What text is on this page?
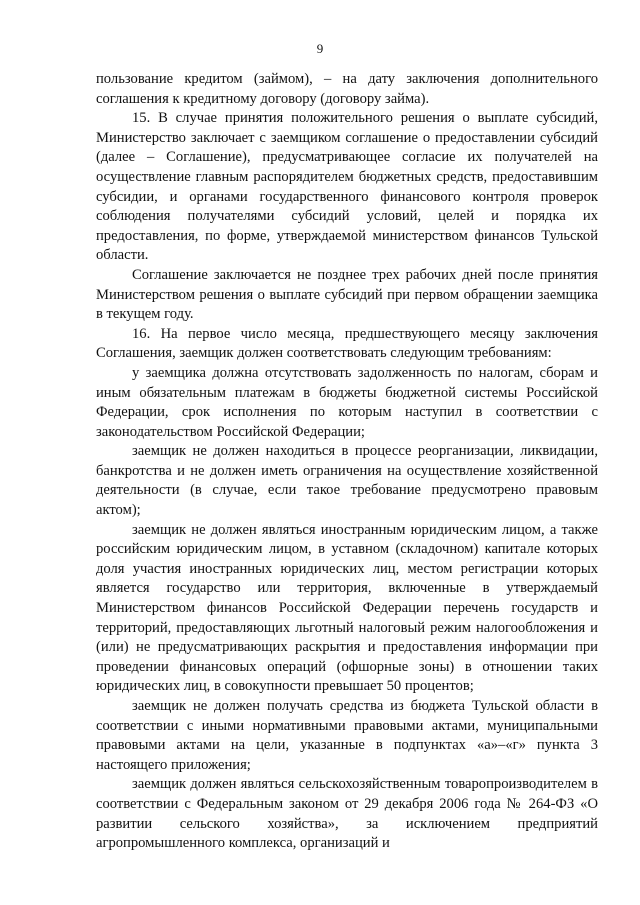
9

пользование кредитом (займом), – на дату заключения дополнительного соглашения к кредитному договору (договору займа).

15. В случае принятия положительного решения о выплате субсидий, Министерство заключает с заемщиком соглашение о предоставлении субсидий (далее – Соглашение), предусматривающее согласие их получателей на осуществление главным распорядителем бюджетных средств, предоставившим субсидии, и органами государственного финансового контроля проверок соблюдения получателями субсидий условий, целей и порядка их предоставления, по форме, утверждаемой министерством финансов Тульской области.

Соглашение заключается не позднее трех рабочих дней после принятия Министерством решения о выплате субсидий при первом обращении заемщика в текущем году.

16. На первое число месяца, предшествующего месяцу заключения Соглашения, заемщик должен соответствовать следующим требованиям:

у заемщика должна отсутствовать задолженность по налогам, сборам и иным обязательным платежам в бюджеты бюджетной системы Российской Федерации, срок исполнения по которым наступил в соответствии с законодательством Российской Федерации;

заемщик не должен находиться в процессе реорганизации, ликвидации, банкротства и не должен иметь ограничения на осуществление хозяйственной деятельности (в случае, если такое требование предусмотрено правовым актом);

заемщик не должен являться иностранным юридическим лицом, а также российским юридическим лицом, в уставном (складочном) капитале которых доля участия иностранных юридических лиц, местом регистрации которых является государство или территория, включенные в утверждаемый Министерством финансов Российской Федерации перечень государств и территорий, предоставляющих льготный налоговый режим налогообложения и (или) не предусматривающих раскрытия и предоставления информации при проведении финансовых операций (офшорные зоны) в отношении таких юридических лиц, в совокупности превышает 50 процентов;

заемщик не должен получать средства из бюджета Тульской области в соответствии с иными нормативными правовыми актами, муниципальными правовыми актами на цели, указанные в подпунктах «а»–«г» пункта 3 настоящего приложения;

заемщик должен являться сельскохозяйственным товаропроизводителем в соответствии с Федеральным законом от 29 декабря 2006 года № 264-ФЗ «О развитии сельского хозяйства», за исключением предприятий агропромышленного комплекса, организаций и
